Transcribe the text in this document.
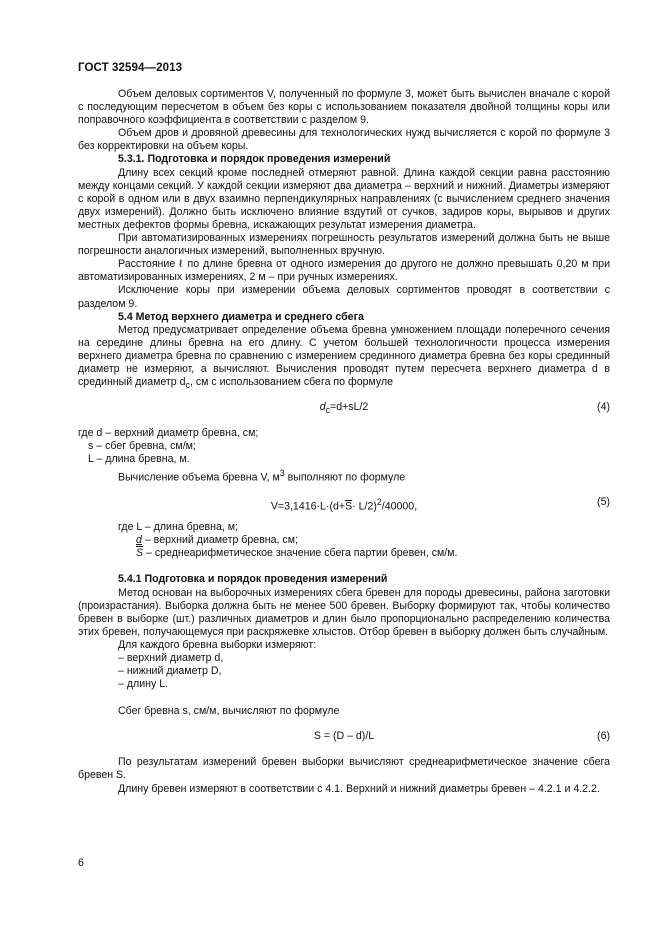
ГОСТ 32594—2013

Объем деловых сортиментов V, полученный по формуле 3, может быть вычислен вначале с корой с последующим пересчетом в объем без коры с использованием показателя двойной толщины коры или поправочного коэффициента в соответствии с разделом 9.

Объем дров и дровяной древесины для технологических нужд вычисляется с корой по формуле 3 без корректировки на объем коры.

5.3.1. Подготовка и порядок проведения измерений

Длину всех секций кроме последней отмеряют равной. Длина каждой секции равна расстоянию между концами секций. У каждой секции измеряют два диаметра – верхний и нижний. Диаметры измеряют с корой в одном или в двух взаимно перпендикулярных направлениях (с вычислением среднего значения двух измерений). Должно быть исключено влияние вздутий от сучков, задиров коры, вырывов и других местных дефектов формы бревна, искажающих результат измерения диаметра.

При автоматизированных измерениях погрешность результатов измерений должна быть не выше погрешности аналогичных измерений, выполненных вручную.

Расстояние ℓ по длине бревна от одного измерения до другого не должно превышать 0,20 м при автоматизированных измерениях, 2 м – при ручных измерениях.

Исключение коры при измерении объема деловых сортиментов проводят в соответствии с разделом 9.

5.4 Метод верхнего диаметра и среднего сбега

Метод предусматривает определение объема бревна умножением площади поперечного сечения на середине длины бревна на его длину. С учетом большей технологичности процесса измерения верхнего диаметра бревна по сравнению с измерением срединного диаметра бревна без коры срединный диаметр не измеряют, а вычисляют. Вычисления проводят путем пересчета верхнего диаметра d в срединный диаметр $d_c$, см с использованием сбега по формуле

$d_c=d+sL/2$	(4)

где d – верхний диаметр бревна, см;

s – сбег бревна, см/м;

L – длина бревна, м.

Вычисление объема бревна V, $м^3$ выполняют по формуле

$V=3,1416\cdot L\cdot(d+\overline{S}\cdot L/2)^2/40000$,	(5)

где L – длина бревна, м;

d – верхний диаметр бревна, см;

$\overline{S}$ – среднеарифметическое значение сбега партии бревен, см/м.

5.4.1 Подготовка и порядок проведения измерений

Метод основан на выборочных измерениях сбега бревен для породы древесины, района заготовки (произрастания). Выборка должна быть не менее 500 бревен. Выборку формируют так, чтобы количество бревен в выборке (шт.) различных диаметров и длин было пропорционально распределению количества этих бревен, получающемуся при раскряжевке хлыстов. Отбор бревен в выборку должен быть случайным.

Для каждого бревна выборки измеряют:

– верхний диаметр d,

– нижний диаметр D,

– длину L.

Сбег бревна s, см/м, вычисляют по формуле

S = (D – d)/L	(6)

По результатам измерений бревен выборки вычисляют среднеарифметическое значение сбега бревен S.

Длину бревен измеряют в соответствии с 4.1. Верхний и нижний диаметры бревен – 4.2.1 и 4.2.2.

6
